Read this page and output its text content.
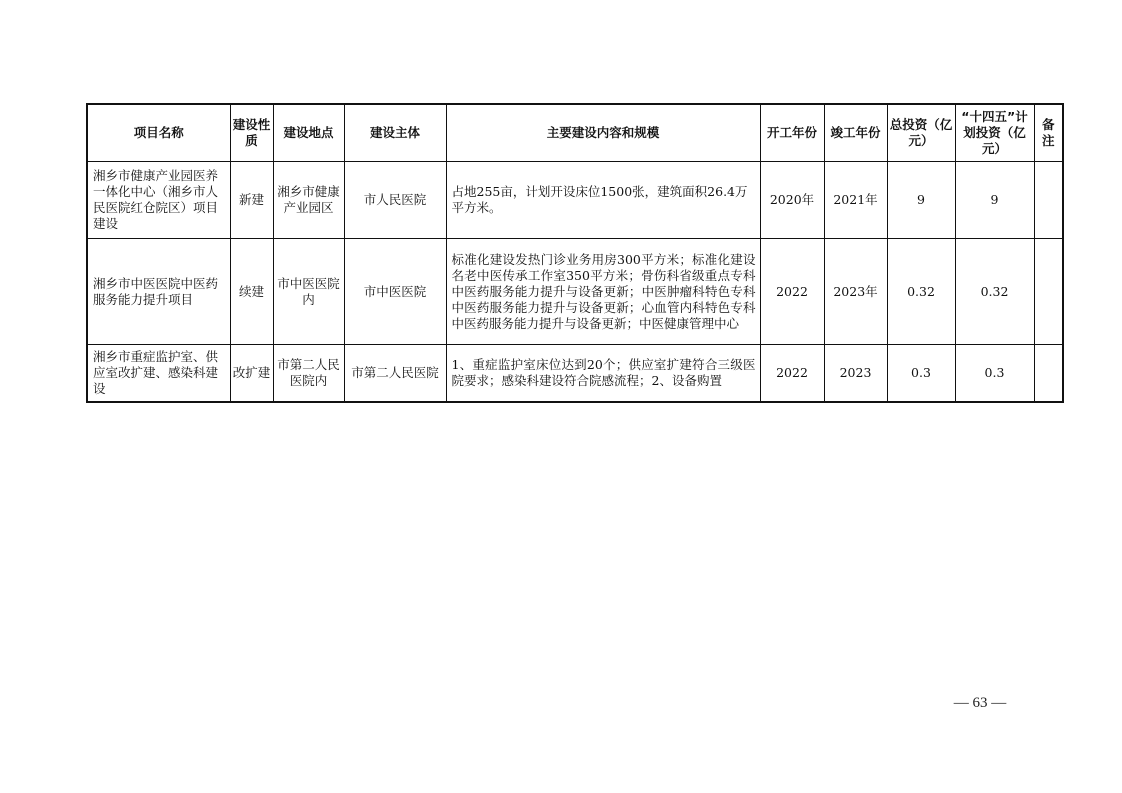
项目名称	建设性质	建设地点	建设主体	主要建设内容和规模	开工年份	竣工年份	总投资（亿元）	“十四五”计划投资（亿元）	备注
湘乡市健康产业园医养一体化中心（湘乡市人民医院红仓院区）项目建设	新建	湘乡市健康产业园区	市人民医院	占地255亩，计划开设床位1500张，建筑面积26.4万平方米。	2020年	2021年	9	9	
湘乡市中医医院中医药服务能力提升项目	续建	市中医医院内	市中医医院	标准化建设发热门诊业务用房300平方米；标准化建设名老中医传承工作室350平方米；骨伤科省级重点专科中医药服务能力提升与设备更新；中医肿瘤科特色专科中医药服务能力提升与设备更新；心血管内科特色专科中医药服务能力提升与设备更新；中医健康管理中心	2022	2023年	0.32	0.32	
湘乡市重症监护室、供应室改扩建、感染科建设	改扩建	市第二人民医院内	市第二人民医院	1、重症监护室床位达到20个；供应室扩建符合三级医院要求；感染科建设符合院感流程；2、设备购置	2022	2023	0.3	0.3	
— 63 —
